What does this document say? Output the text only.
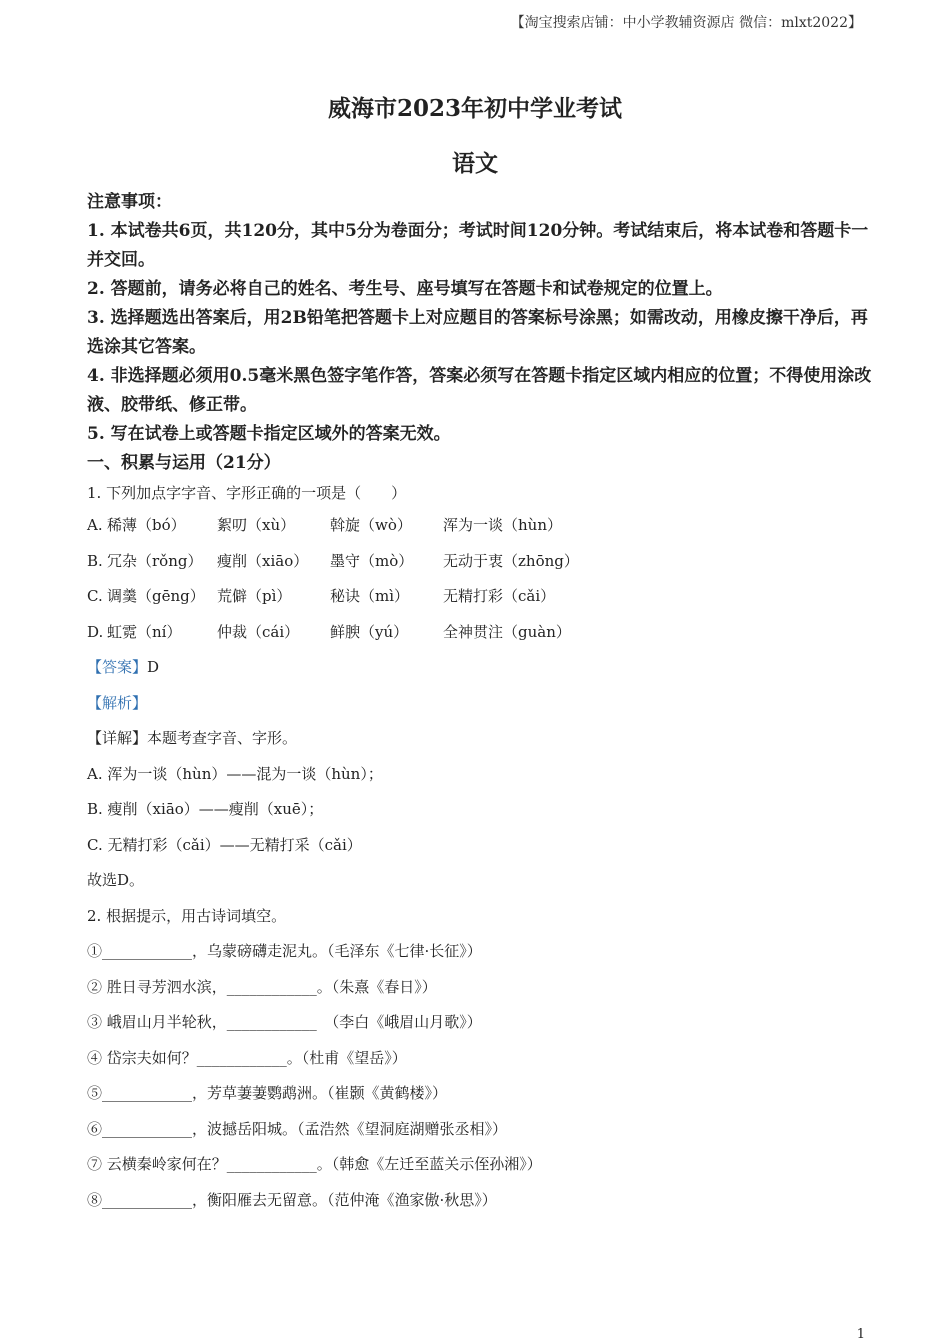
【淘宝搜索店铺：中小学教辅资源店 微信：mlxt2022】
威海市2023年初中学业考试
语文
注意事项：
1. 本试卷共6页，共120分，其中5分为卷面分；考试时间120分钟。考试结束后，将本试卷和答题卡一并交回。
2. 答题前，请务必将自己的姓名、考生号、座号填写在答题卡和试卷规定的位置上。
3. 选择题选出答案后，用2B铅笔把答题卡上对应题目的答案标号涂黑；如需改动，用橡皮擦干净后，再选涂其它答案。
4. 非选择题必须用0.5毫米黑色签字笔作答，答案必须写在答题卡指定区域内相应的位置；不得使用涂改液、胶带纸、修正带。
5. 写在试卷上或答题卡指定区域外的答案无效。
一、积累与运用（21分）
1. 下列加点字字音、字形正确的一项是（　　）
A. 稀薄（bó）	絮叨（xù）	斡旋（wò）	浑为一谈（hùn）
B. 冗杂（rǒng） 瘦削（xiāo）	墨守（mò）	无动于衷（zhōng）
C. 调羹（gēng） 荒僻（pì）	秘诀（mì）	无精打彩（cǎi）
D. 虹霓（ní）	仲裁（cái）	鲜腴（yú）	全神贯注（guàn）
【答案】D
【解析】
【详解】本题考查字音、字形。
A. 浑为一谈（hùn）——混为一谈（hùn）；
B. 瘦削（xiāo）——瘦削（xuē）；
C. 无精打彩（cǎi）——无精打采（cǎi）
故选D。
2. 根据提示，用古诗词填空。
①____________，乌蒙磅礴走泥丸。（毛泽东《七律·长征》）
② 胜日寻芳泗水滨，____________。（朱熹《春日》）
③ 峨眉山月半轮秋，____________　（李白《峨眉山月歌》）
④ 岱宗夫如何？____________。（杜甫《望岳》）
⑤____________，芳草萋萋鹦鹉洲。（崔颢《黄鹤楼》）
⑥____________，波撼岳阳城。（孟浩然《望洞庭湖赠张丞相》）
⑦ 云横秦岭家何在？____________。（韩愈《左迁至蓝关示侄孙湘》）
⑧____________，衡阳雁去无留意。（范仲淹《渔家傲·秋思》）
1
